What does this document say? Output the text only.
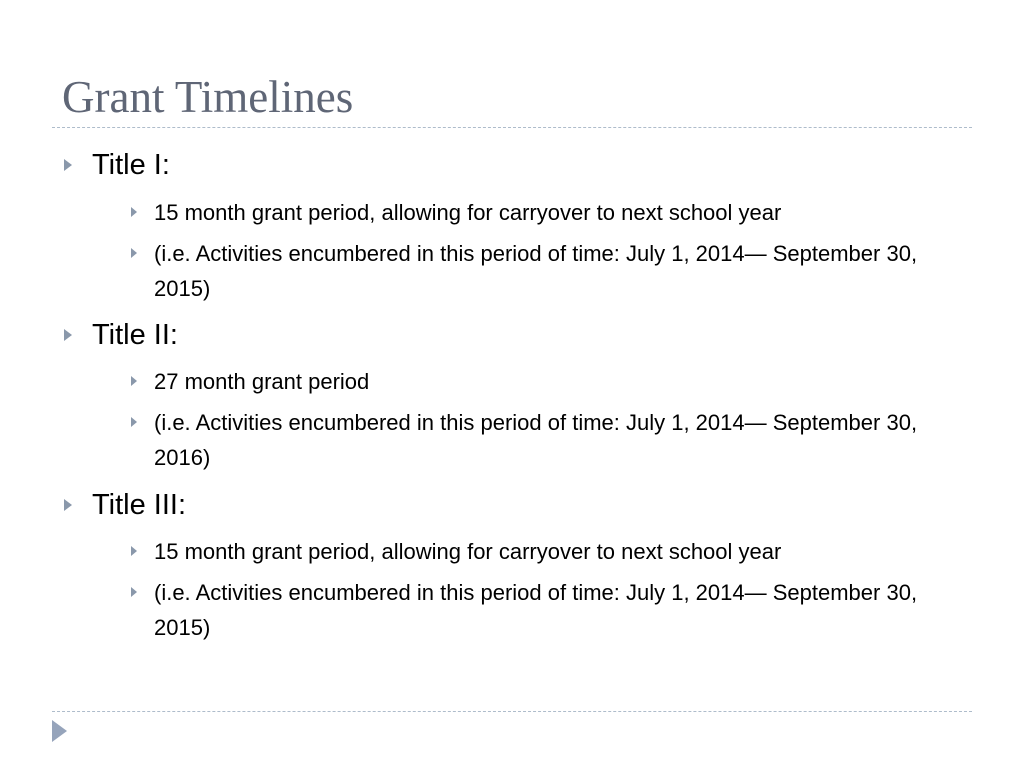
Grant Timelines
Title I:
15 month grant period, allowing for carryover to next school year
(i.e. Activities encumbered in this period of time: July 1, 2014— September 30, 2015)
Title II:
27 month grant period
(i.e. Activities encumbered in this period of time: July 1, 2014— September 30, 2016)
Title III:
15 month grant period, allowing for carryover to next school year
(i.e. Activities encumbered in this period of time: July 1, 2014— September 30, 2015)
